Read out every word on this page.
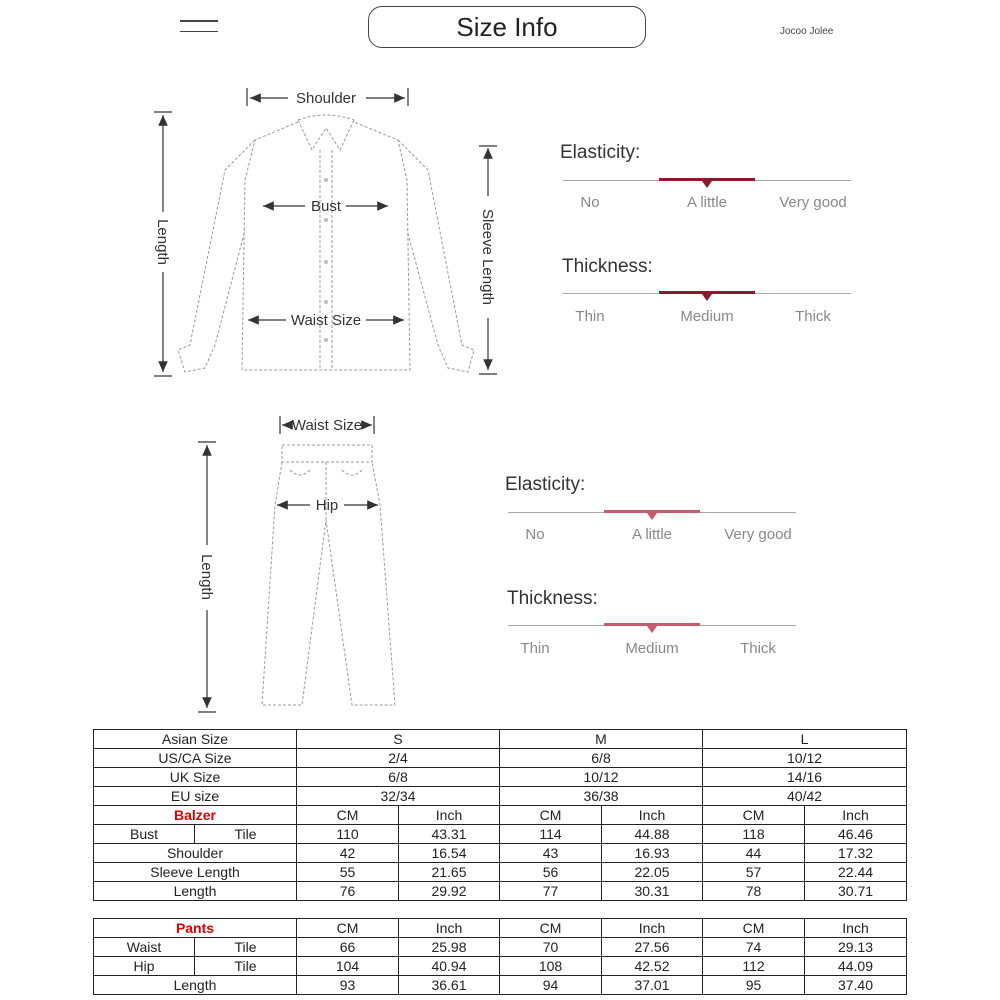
Size Info	Jocoo Jolee
Shoulder
Bust
Waist Size
Length	Sleeve Length
Waist Size
Hip
Length
Elasticity:
No	A little	Very good
Thickness:
Thin	Medium	Thick
Elasticity:
No	A little	Very good
Thickness:
Thin	Medium	Thick
Asian Size		S		M		L	
US/CA Size		2/4		6/8		10/12	
UK Size		6/8		10/12		14/16	
EU size		32/34		36/38		40/42	
Balzer		CM	Inch	CM	Inch	CM	Inch
Bust	Tile	110	43.31	114	44.88	118	46.46
Shoulder		42	16.54	43	16.93	44	17.32
Sleeve Length		55	21.65	56	22.05	57	22.44
Length		76	29.92	77	30.31	78	30.71
Pants		CM	Inch	CM	Inch	CM	Inch
Waist	Tile	66	25.98	70	27.56	74	29.13
Hip	Tile	104	40.94	108	42.52	112	44.09
Length		93	36.61	94	37.01	95	37.40
